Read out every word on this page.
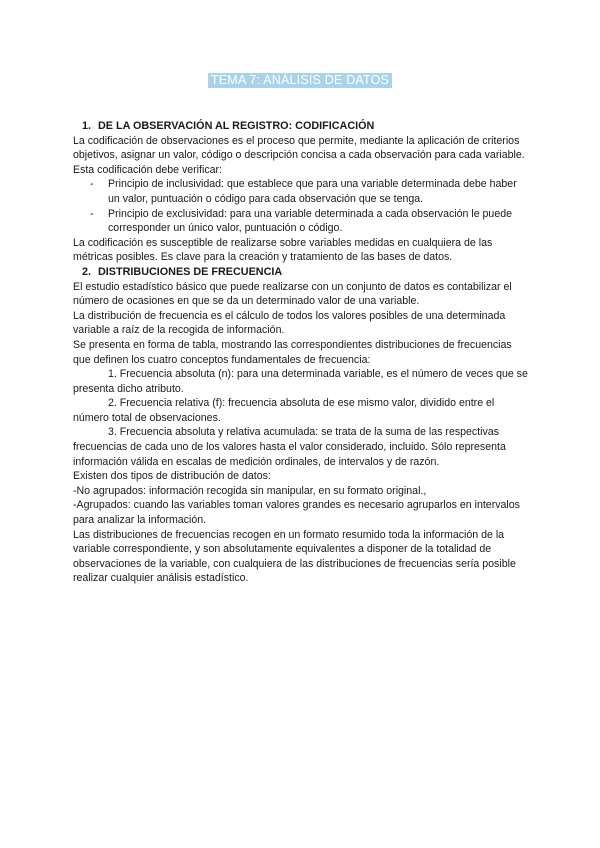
TEMA 7: ANÁLISIS DE DATOS

1. DE LA OBSERVACIÓN AL REGISTRO: CODIFICACIÓN

La codificación de observaciones es el proceso que permite, mediante la aplicación de criterios objetivos, asignar un valor, código o descripción concisa a cada observación para cada variable. Esta codificación debe verificar:

- Principio de inclusividad: que establece que para una variable determinada debe haber un valor, puntuación o código para cada observación que se tenga.
- Principio de exclusividad: para una variable determinada a cada observación le puede corresponder un único valor, puntuación o código.

La codificación es susceptible de realizarse sobre variables medidas en cualquiera de las métricas posibles. Es clave para la creación y tratamiento de las bases de datos.

2. DISTRIBUCIONES DE FRECUENCIA

El estudio estadístico básico que puede realizarse con un conjunto de datos es contabilizar el número de ocasiones en que se da un determinado valor de una variable.

La distribución de frecuencia es el cálculo de todos los valores posibles de una determinada variable a raíz de la recogida de información.

Se presenta en forma de tabla, mostrando las correspondientes distribuciones de frecuencias que definen los cuatro conceptos fundamentales de frecuencia:

1. Frecuencia absoluta (n): para una determinada variable, es el número de veces que se presenta dicho atributo.

2. Frecuencia relativa (f): frecuencia absoluta de ese mismo valor, dividido entre el número total de observaciones.

3. Frecuencia absoluta y relativa acumulada: se trata de la suma de las respectivas frecuencias de cada uno de los valores hasta el valor considerado, incluido. Sólo representa información válida en escalas de medición ordinales, de intervalos y de razón.

Existen dos tipos de distribución de datos:

-No agrupados: información recogida sin manipular, en su formato original.,

-Agrupados: cuando las variables toman valores grandes es necesario agruparlos en intervalos para analizar la información.

Las distribuciones de frecuencias recogen en un formato resumido toda la información de la variable correspondiente, y son absolutamente equivalentes a disponer de la totalidad de observaciones de la variable, con cualquiera de las distribuciones de frecuencias sería posible realizar cualquier análisis estadístico.
